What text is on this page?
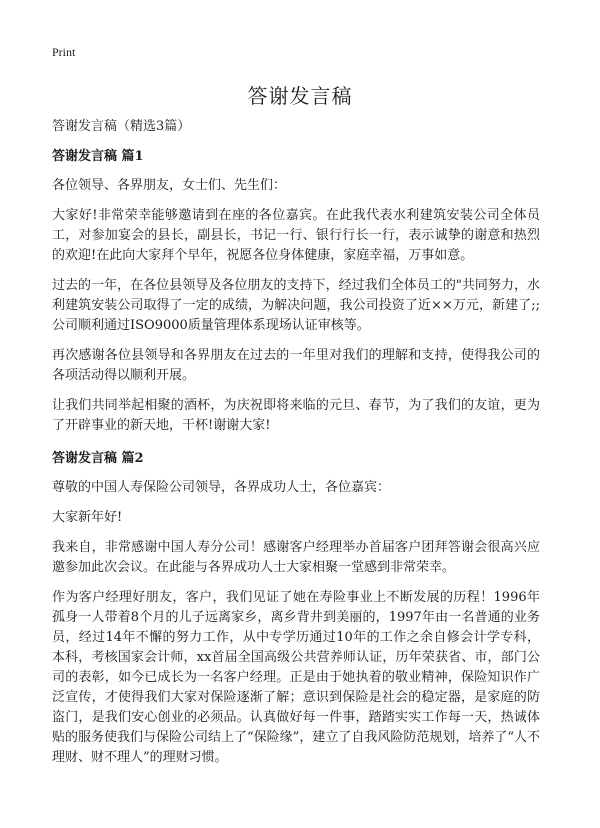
Print
答谢发言稿

答谢发言稿（精选3篇）

答谢发言稿 篇1

各位领导、各界朋友，女士们、先生们：

大家好!非常荣幸能够邀请到在座的各位嘉宾。在此我代表水利建筑安装公司全体员工，对参加宴会的县长，副县长，书记一行、银行行长一行，表示诚挚的谢意和热烈的欢迎!在此向大家拜个早年，祝愿各位身体健康，家庭幸福，万事如意。

过去的一年，在各位县领导及各位朋友的支持下，经过我们全体员工的"共同努力，水利建筑安装公司取得了一定的成绩，为解决问题，我公司投资了近××万元，新建了;;公司顺利通过ISO9000质量管理体系现场认证审核等。

再次感谢各位县领导和各界朋友在过去的一年里对我们的理解和支持，使得我公司的各项活动得以顺利开展。

让我们共同举起相聚的酒杯，为庆祝即将来临的元旦、春节，为了我们的友谊，更为了开辟事业的新天地，干杯!谢谢大家!

答谢发言稿 篇2

尊敬的中国人寿保险公司领导，各界成功人士，各位嘉宾：

大家新年好!

我来自，非常感谢中国人寿分公司！感谢客户经理举办首届客户团拜答谢会很高兴应邀参加此次会议。在此能与各界成功人士大家相聚一堂感到非常荣幸。

作为客户经理好朋友，客户，我们见证了她在寿险事业上不断发展的历程！1996年孤身一人带着8个月的儿子远离家乡，离乡背井到美丽的，1997年由一名普通的业务员，经过14年不懈的努力工作，从中专学历通过10年的工作之余自修会计学专科，本科，考核国家会计师，xx首届全国高级公共营养师认证，历年荣获省、市，部门公司的表彰，如今已成长为一名客户经理。正是由于她执着的敬业精神，保险知识作广泛宣传，才使得我们大家对保险逐渐了解；意识到保险是社会的稳定器，是家庭的防盗门，是我们安心创业的必须品。认真做好每一件事，踏踏实实工作每一天，热诚体贴的服务使我们与保险公司结上了“保险缘”，建立了自我风险防范规划，培养了“人不理财、财不理人”的理财习惯。
